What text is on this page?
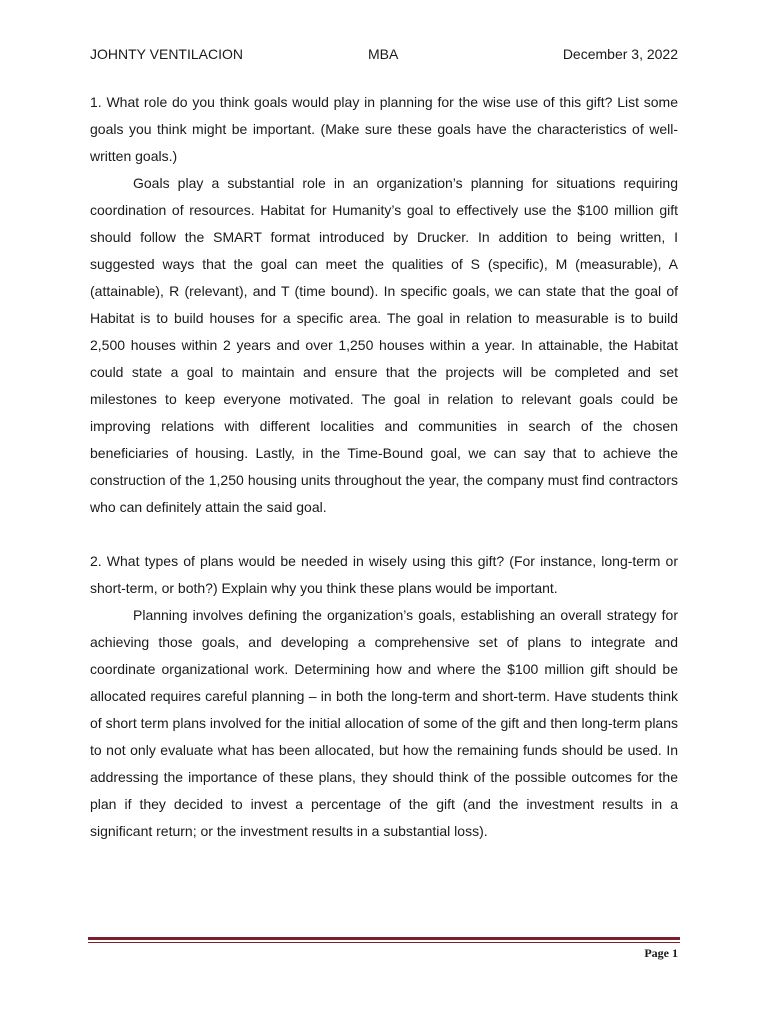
JOHNTY VENTILACION	MBA	December 3, 2022

1. What role do you think goals would play in planning for the wise use of this gift? List some goals you think might be important. (Make sure these goals have the characteristics of well-written goals.)

Goals play a substantial role in an organization’s planning for situations requiring coordination of resources. Habitat for Humanity’s goal to effectively use the $100 million gift should follow the SMART format introduced by Drucker. In addition to being written, I suggested ways that the goal can meet the qualities of S (specific), M (measurable), A (attainable), R (relevant), and T (time bound). In specific goals, we can state that the goal of Habitat is to build houses for a specific area. The goal in relation to measurable is to build 2,500 houses within 2 years and over 1,250 houses within a year. In attainable, the Habitat could state a goal to maintain and ensure that the projects will be completed and set milestones to keep everyone motivated. The goal in relation to relevant goals could be improving relations with different localities and communities in search of the chosen beneficiaries of housing. Lastly, in the Time-Bound goal, we can say that to achieve the construction of the 1,250 housing units throughout the year, the company must find contractors who can definitely attain the said goal.

2. What types of plans would be needed in wisely using this gift? (For instance, long-term or short-term, or both?) Explain why you think these plans would be important.

Planning involves defining the organization’s goals, establishing an overall strategy for achieving those goals, and developing a comprehensive set of plans to integrate and coordinate organizational work. Determining how and where the $100 million gift should be allocated requires careful planning – in both the long-term and short-term. Have students think of short term plans involved for the initial allocation of some of the gift and then long-term plans to not only evaluate what has been allocated, but how the remaining funds should be used. In addressing the importance of these plans, they should think of the possible outcomes for the plan if they decided to invest a percentage of the gift (and the investment results in a significant return; or the investment results in a substantial loss).

Page 1
